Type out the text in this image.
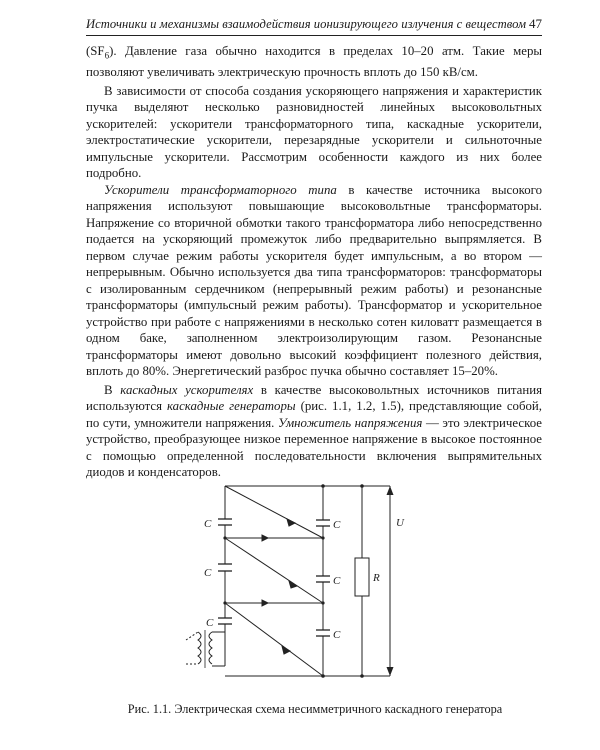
Источники и механизмы взаимодействия ионизирующего излучения с веществом 47

$(SF_6)$. Давление газа обычно находится в пределах 10–20 атм. Такие меры позволяют увеличивать электрическую прочность вплоть до 150 кВ/см.

В зависимости от способа создания ускоряющего напряжения и характеристик пучка выделяют несколько разновидностей линейных высоковольтных ускорителей: ускорители трансформаторного типа, каскадные ускорители, электростатические ускорители, перезарядные ускорители и сильноточные импульсные ускорители. Рассмотрим особенности каждого из них более подробно.

Ускорители трансформаторного типа в качестве источника высокого напряжения используют повышающие высоковольтные трансформаторы. Напряжение со вторичной обмотки такого трансформатора либо непосредственно подается на ускоряющий промежуток либо предварительно выпрямляется. В первом случае режим работы ускорителя будет импульсным, а во втором — непрерывным. Обычно используется два типа трансформаторов: трансформаторы с изолированным сердечником (непрерывный режим работы) и резонансные трансформаторы (импульсный режим работы). Трансформатор и ускорительное устройство при работе с напряжениями в несколько сотен киловатт размещается в одном баке, заполненном электроизолирующим газом. Резонансные трансформаторы имеют довольно высокий коэффициент полезного действия, вплоть до 80%. Энергетический разброс пучка обычно составляет 15–20%.

В каскадных ускорителях в качестве высоковольтных источников питания используются каскадные генераторы (рис. 1.1, 1.2, 1.5), представляющие собой, по сути, умножители напряжения. Умножитель напряжения — это электрическое устройство, преобразующее низкое переменное напряжение в высокое постоянное с помощью определенной последовательности включения выпрямительных диодов и конденсаторов.

C
C
C
C
C
C
R
U
Рис. 1.1. Электрическая схема несимметричного каскадного генератора
